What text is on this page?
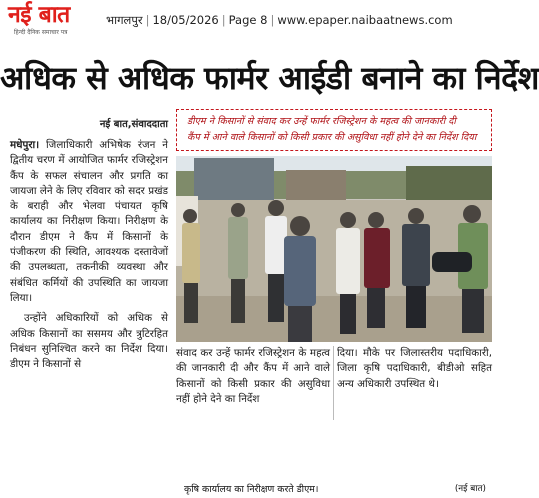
नई बात
हिन्दी दैनिक समाचार पत्र
भागलपुर | 18/05/2026 | Page 8 | www.epaper.naibaatnews.com
अधिक से अधिक फार्मर आईडी बनाने का निर्देश
नई बात,संवाददाता डीएम ने किसानों से संवाद कर उन्हें फार्मर रजिस्ट्रेशन के महत्व की जानकारी दी

कैंप में आने वाले किसानों को किसी प्रकार की असुविधा नहीं होने देने का निर्देश दिया

मधेपुरा। जिलाधिकारी अभिषेक रंजन ने द्वितीय चरण में आयोजित फार्मर रजिस्ट्रेशन कैंप के सफल संचालन और प्रगति का जायजा लेने के लिए रविवार को सदर प्रखंड के बराही और भेलवा पंचायत कृषि कार्यालय का निरीक्षण किया। निरीक्षण के दौरान डीएम ने कैंप में किसानों के पंजीकरण की स्थिति, आवश्यक दस्तावेजों की उपलब्धता, तकनीकी व्यवस्था और संबंधित कर्मियों की उपस्थिति का जायजा लिया।

उन्होंने अधिकारियों को अधिक से अधिक किसानों का ससमय और त्रुटिरहित निबंधन सुनिश्चित करने का निर्देश दिया। डीएम ने किसानों से

कृषि कार्यालय का निरीक्षण करते डीएम।	(नई बात)

संवाद कर उन्हें फार्मर रजिस्ट्रेशन के महत्व की जानकारी दी और कैंप में आने वाले किसानों को किसी प्रकार की असुविधा नहीं होने देने का निर्देश

दिया। मौके पर जिलास्तरीय पदाधिकारी, जिला कृषि पदाधिकारी, बीडीओ सहित अन्य अधिकारी उपस्थित थे।
